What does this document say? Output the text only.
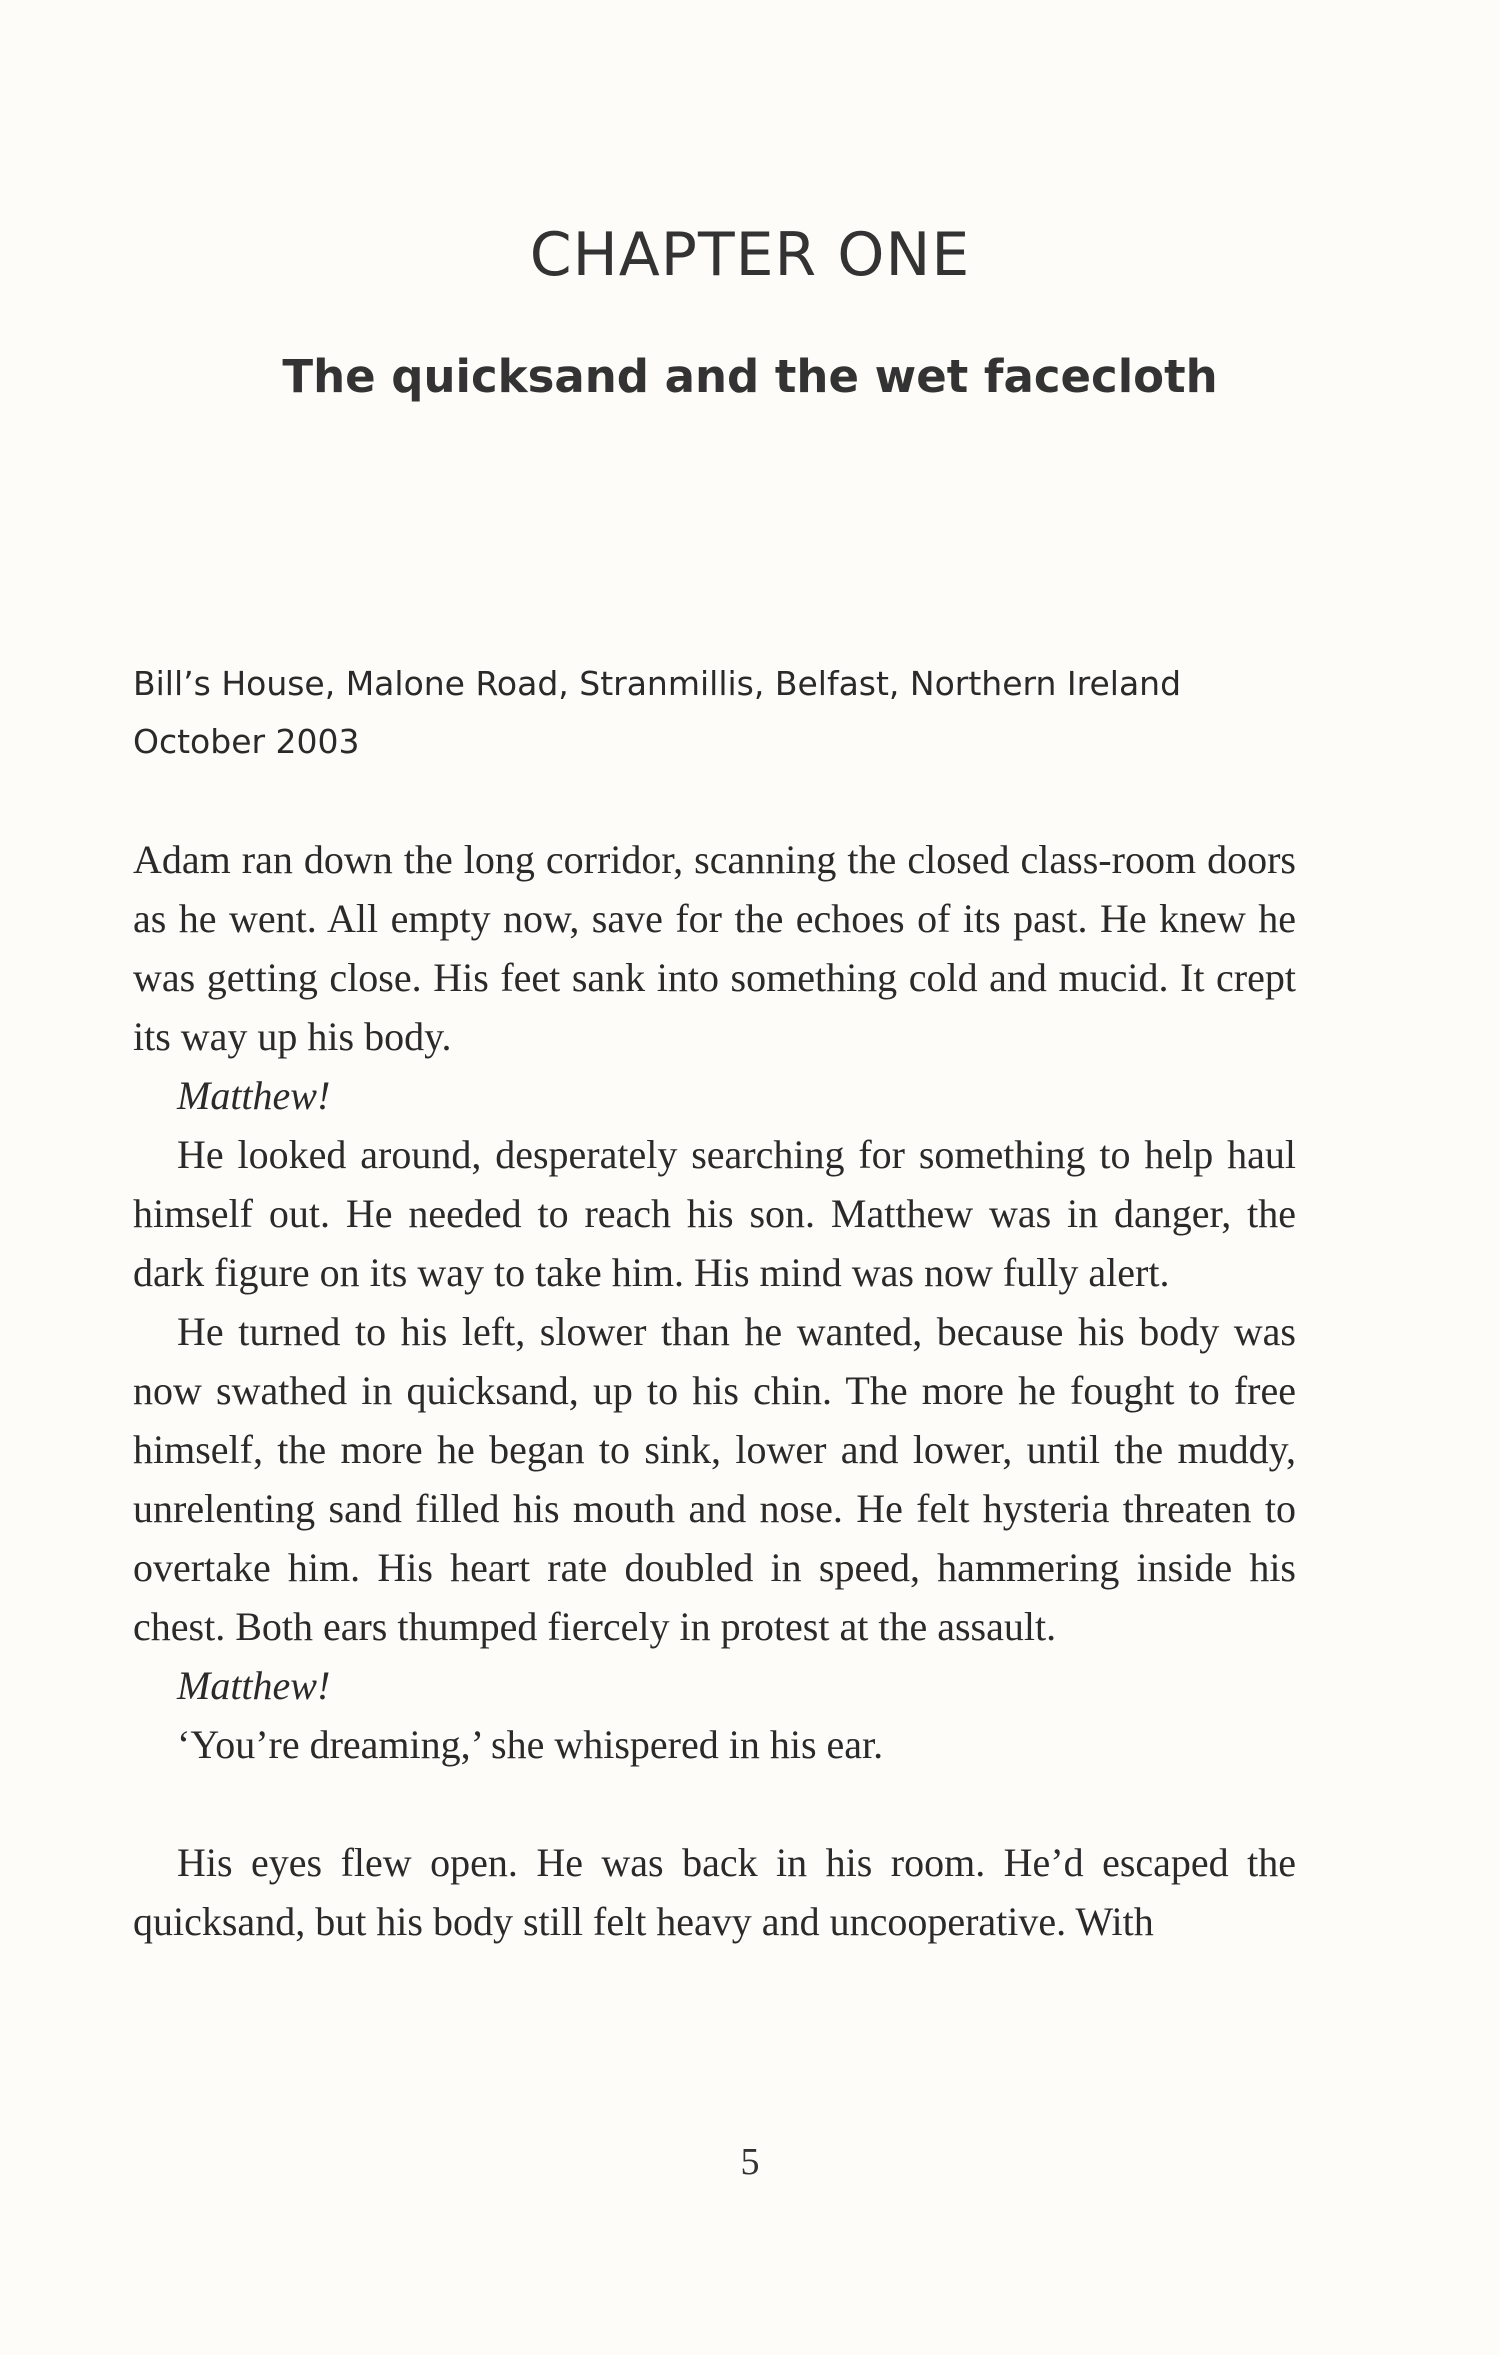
CHAPTER ONE
The quicksand and the wet facecloth
Bill’s House, Malone Road, Stranmillis, Belfast, Northern Ireland
October 2003

Adam ran down the long corridor, scanning the closed class-room doors as he went. All empty now, save for the echoes of its past. He knew he was getting close. His feet sank into something cold and mucid. It crept its way up his body.

Matthew!

He looked around, desperately searching for something to help haul himself out. He needed to reach his son. Matthew was in danger, the dark figure on its way to take him. His mind was now fully alert.

He turned to his left, slower than he wanted, because his body was now swathed in quicksand, up to his chin. The more he fought to free himself, the more he began to sink, lower and lower, until the muddy, unrelenting sand filled his mouth and nose. He felt hysteria threaten to overtake him. His heart rate doubled in speed, hammering inside his chest. Both ears thumped fiercely in protest at the assault.

Matthew!

‘You’re dreaming,’ she whispered in his ear.

His eyes flew open. He was back in his room. He’d escaped the quicksand, but his body still felt heavy and uncooperative. With

5
